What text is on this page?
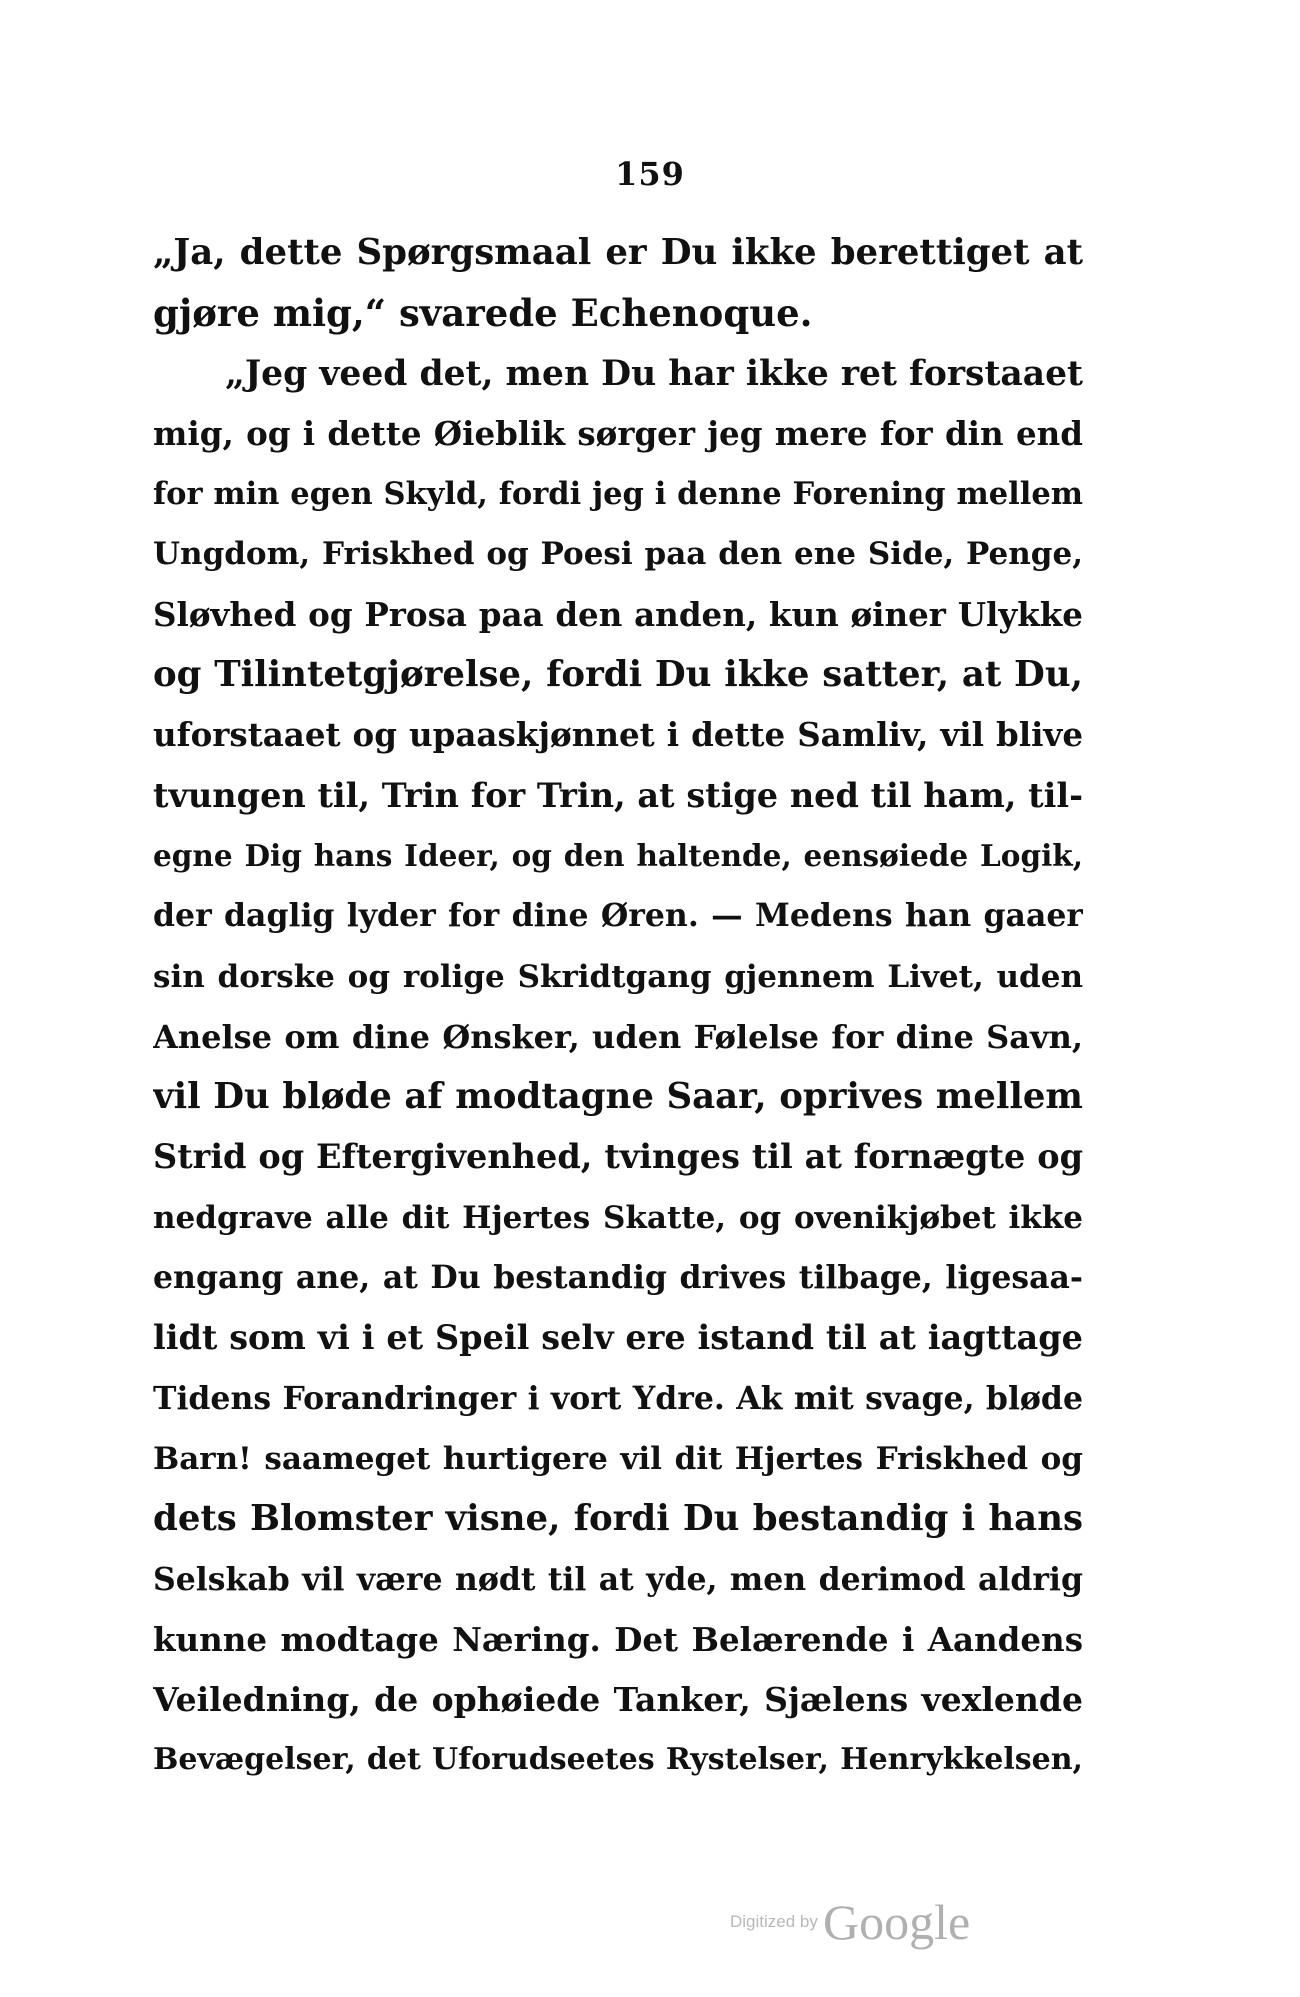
159
„Ja, dette Spørgsmaal er Du ikke berettiget at
gjøre mig,“ svarede Echenoque.
„Jeg veed det, men Du har ikke ret forstaaet
mig, og i dette Øieblik sørger jeg mere for din end
for min egen Skyld, fordi jeg i denne Forening mellem
Ungdom, Friskhed og Poesi paa den ene Side, Penge,
Sløvhed og Prosa paa den anden, kun øiner Ulykke
og Tilintetgjørelse, fordi Du ikke satter, at Du,
uforstaaet og upaaskjønnet i dette Samliv, vil blive
tvungen til, Trin for Trin, at stige ned til ham, til-
egne Dig hans Ideer, og den haltende, eensøiede Logik,
der daglig lyder for dine Øren. — Medens han gaaer
sin dorske og rolige Skridtgang gjennem Livet, uden
Anelse om dine Ønsker, uden Følelse for dine Savn,
vil Du bløde af modtagne Saar, oprives mellem
Strid og Eftergivenhed, tvinges til at fornægte og
nedgrave alle dit Hjertes Skatte, og ovenikjøbet ikke
engang ane, at Du bestandig drives tilbage, ligesaa-
lidt som vi i et Speil selv ere istand til at iagttage
Tidens Forandringer i vort Ydre. Ak mit svage, bløde
Barn! saameget hurtigere vil dit Hjertes Friskhed og
dets Blomster visne, fordi Du bestandig i hans
Selskab vil være nødt til at yde, men derimod aldrig
kunne modtage Næring. Det Belærende i Aandens
Veiledning, de ophøiede Tanker, Sjælens vexlende
Bevægelser, det Uforudseetes Rystelser, Henrykkelsen,
Digitized by Google
